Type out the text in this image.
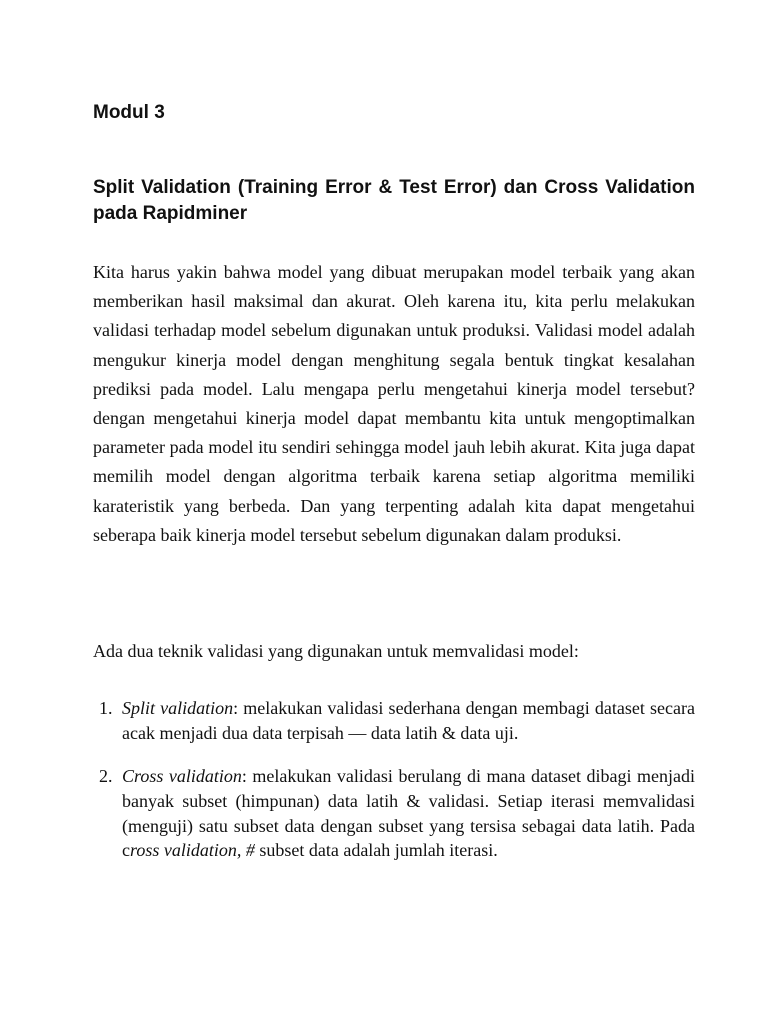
Modul 3
Split Validation (Training Error & Test Error) dan Cross Validation pada Rapidminer

Kita harus yakin bahwa model yang dibuat merupakan model terbaik yang akan memberikan hasil maksimal dan akurat. Oleh karena itu, kita perlu melakukan validasi terhadap model sebelum digunakan untuk produksi. Validasi model adalah mengukur kinerja model dengan menghitung segala bentuk tingkat kesalahan prediksi pada model. Lalu mengapa perlu mengetahui kinerja model tersebut? dengan mengetahui kinerja model dapat membantu kita untuk mengoptimalkan parameter pada model itu sendiri sehingga model jauh lebih akurat. Kita juga dapat memilih model dengan algoritma terbaik karena setiap algoritma memiliki karateristik yang berbeda. Dan yang terpenting adalah kita dapat mengetahui seberapa baik kinerja model tersebut sebelum digunakan dalam produksi.

Ada dua teknik validasi yang digunakan untuk memvalidasi model:

1. Split validation: melakukan validasi sederhana dengan membagi dataset secara acak menjadi dua data terpisah — data latih & data uji.
2. Cross validation: melakukan validasi berulang di mana dataset dibagi menjadi banyak subset (himpunan) data latih & validasi. Setiap iterasi memvalidasi (menguji) satu subset data dengan subset yang tersisa sebagai data latih. Pada cross validation, # subset data adalah jumlah iterasi.
